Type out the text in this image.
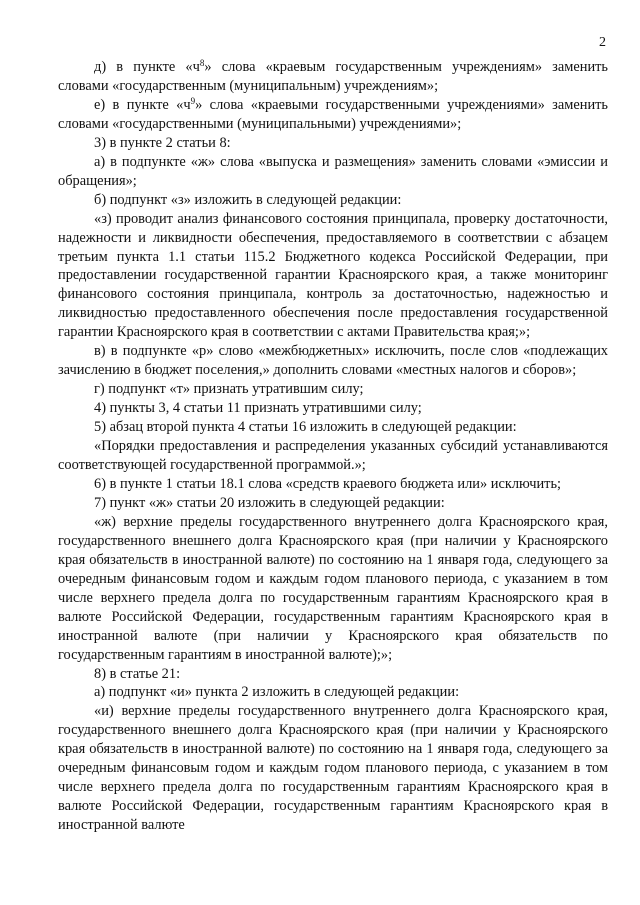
2

д) в пункте «$ч^8$» слова «краевым государственным учреждениям» заменить словами «государственным (муниципальным) учреждениям»;

е) в пункте «$ч^9$» слова «краевыми государственными учреждениями» заменить словами «государственными (муниципальными) учреждениями»;

3) в пункте 2 статьи 8:

а) в подпункте «ж» слова «выпуска и размещения» заменить словами «эмиссии и обращения»;

б) подпункт «з» изложить в следующей редакции:

«з) проводит анализ финансового состояния принципала, проверку достаточности, надежности и ликвидности обеспечения, предоставляемого в соответствии с абзацем третьим пункта 1.1 статьи 115.2 Бюджетного кодекса Российской Федерации, при предоставлении государственной гарантии Красноярского края, а также мониторинг финансового состояния принципала, контроль за достаточностью, надежностью и ликвидностью предоставленного обеспечения после предоставления государственной гарантии Красноярского края в соответствии с актами Правительства края;»;

в) в подпункте «р» слово «межбюджетных» исключить, после слов «подлежащих зачислению в бюджет поселения,» дополнить словами «местных налогов и сборов»;

г) подпункт «т» признать утратившим силу;

4) пункты 3, 4 статьи 11 признать утратившими силу;

5) абзац второй пункта 4 статьи 16 изложить в следующей редакции:

«Порядки предоставления и распределения указанных субсидий устанавливаются соответствующей государственной программой.»;

6) в пункте 1 статьи 18.1 слова «средств краевого бюджета или» исключить;

7) пункт «ж» статьи 20 изложить в следующей редакции:

«ж) верхние пределы государственного внутреннего долга Красноярского края, государственного внешнего долга Красноярского края (при наличии у Красноярского края обязательств в иностранной валюте) по состоянию на 1 января года, следующего за очередным финансовым годом и каждым годом планового периода, с указанием в том числе верхнего предела долга по государственным гарантиям Красноярского края в валюте Российской Федерации, государственным гарантиям Красноярского края в иностранной валюте (при наличии у Красноярского края обязательств по государственным гарантиям в иностранной валюте);»;

8) в статье 21:

а) подпункт «и» пункта 2 изложить в следующей редакции:

«и) верхние пределы государственного внутреннего долга Красноярского края, государственного внешнего долга Красноярского края (при наличии у Красноярского края обязательств в иностранной валюте) по состоянию на 1 января года, следующего за очередным финансовым годом и каждым годом планового периода, с указанием в том числе верхнего предела долга по государственным гарантиям Красноярского края в валюте Российской Федерации, государственным гарантиям Красноярского края в иностранной валюте
